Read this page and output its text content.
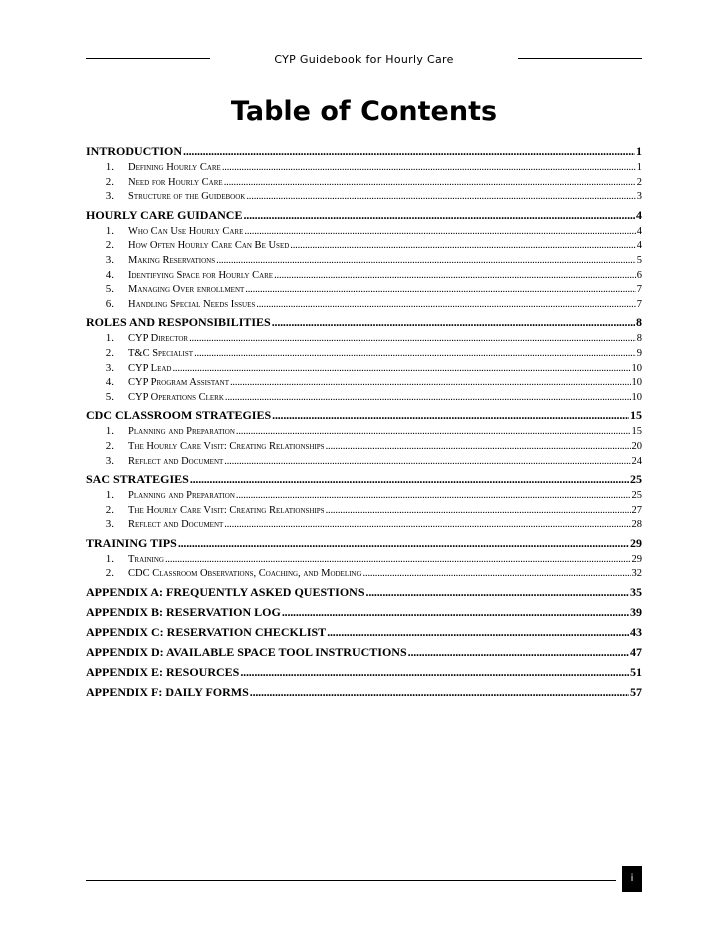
CYP Guidebook for Hourly Care
Table of Contents
INTRODUCTION . . .	1
1.	Defining Hourly Care . . .	1
2.	Need for Hourly Care . . .	2
3.	Structure of the Guidebook . . .	3
HOURLY CARE GUIDANCE . . .	4
1.	Who Can Use Hourly Care . . .	4
2.	How Often Hourly Care Can Be Used . . .	4
3.	Making Reservations . . .	5
4.	Identifying Space for Hourly Care . . .	6
5.	Managing Over enrollment . . .	7
6.	Handling Special Needs Issues . . .	7
ROLES AND RESPONSIBILITIES . . .	8
1.	CYP Director . . .	8
2.	T&C Specialist . . .	9
3.	CYP Lead . . .	10
4.	CYP Program Assistant . . .	10
5.	CYP Operations Clerk . . .	10
CDC CLASSROOM STRATEGIES . . .	15
1.	Planning and Preparation . . .	15
2.	The Hourly Care Visit: Creating Relationships . . .	20
3.	Reflect and Document . . .	24
SAC STRATEGIES . . .	25
1.	Planning and Preparation . . .	25
2.	The Hourly Care Visit: Creating Relationships . . .	27
3.	Reflect and Document . . .	28
TRAINING TIPS . . .	29
1.	Training . . .	29
2.	CDC Classroom Observations, Coaching, and Modeling . . .	32
APPENDIX A: FREQUENTLY ASKED QUESTIONS . . .	35
APPENDIX B: RESERVATION LOG . . .	39
APPENDIX C: RESERVATION CHECKLIST . . .	43
APPENDIX D: AVAILABLE SPACE TOOL INSTRUCTIONS . . .	47
APPENDIX E: RESOURCES . . .	51
APPENDIX F: DAILY FORMS . . .	57
i
